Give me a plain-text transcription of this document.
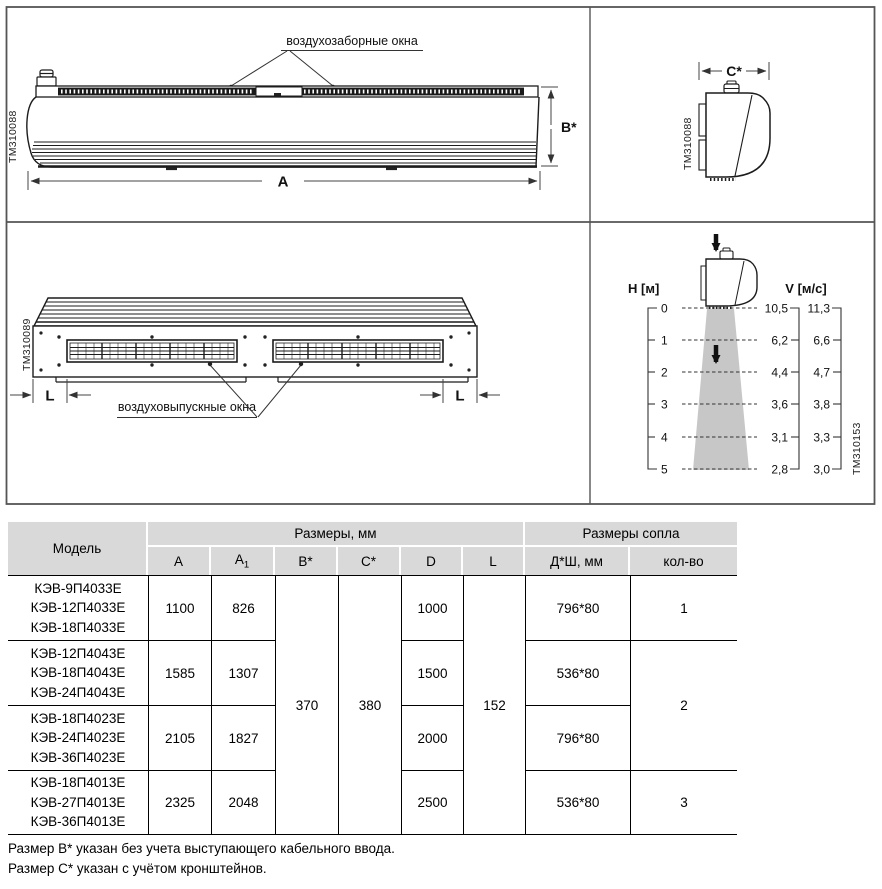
воздухозаборные окна
B*
A
ТМ310088
C*
ТМ310088
L	L
воздуховыпускные окна
ТМ310089
H [м]
0
1
2
3
4
5
V [м/с]
10,5
6,2
4,4
3,6
3,1
2,8
11,3
6,6
4,7
3,8
3,3
3,0 ТМ310153
Модель	Размеры, мм						Размеры сопла	
	A	$A_1$	B*	C*	D	L	Д*Ш, мм	кол-во

КЭВ-9П4033Е
КЭВ-12П4033Е
КЭВ-18П4033Е	1100	826	370	380	1000	152	796*80	1

КЭВ-12П4043Е
КЭВ-18П4043Е
КЭВ-24П4043Е	1585	1307			1500		536*80	2

КЭВ-18П4023Е
КЭВ-24П4023Е
КЭВ-36П4023Е	2105	1827			2000		796*80	

КЭВ-18П4013Е
КЭВ-27П4013Е
КЭВ-36П4013Е	2325	2048			2500		536*80	3
Размер B* указан без учета выступающего кабельного ввода.
Размер C* указан с учётом кронштейнов.
